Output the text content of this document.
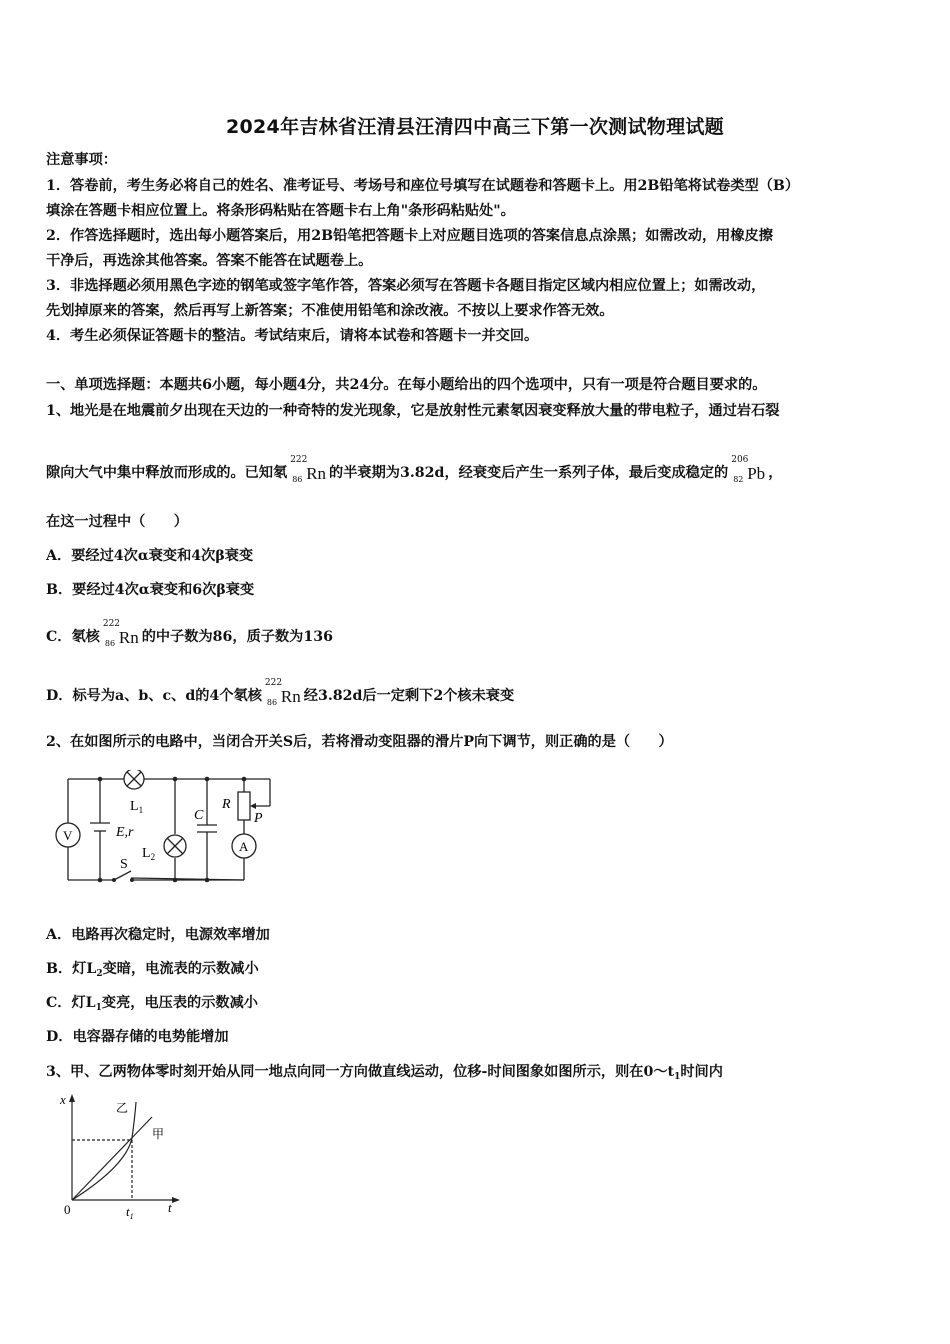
2024年吉林省汪清县汪清四中高三下第一次测试物理试题
注意事项：
1．答卷前，考生务必将自己的姓名、准考证号、考场号和座位号填写在试题卷和答题卡上。用2B铅笔将试卷类型（B）
填涂在答题卡相应位置上。将条形码粘贴在答题卡右上角"条形码粘贴处"。
2．作答选择题时，选出每小题答案后，用2B铅笔把答题卡上对应题目选项的答案信息点涂黑；如需改动，用橡皮擦
干净后，再选涂其他答案。答案不能答在试题卷上。
3．非选择题必须用黑色字迹的钢笔或签字笔作答，答案必须写在答题卡各题目指定区域内相应位置上；如需改动，
先划掉原来的答案，然后再写上新答案；不准使用铅笔和涂改液。不按以上要求作答无效。
4．考生必须保证答题卡的整洁。考试结束后，请将本试卷和答题卡一并交回。
一、单项选择题：本题共6小题，每小题4分，共24分。在每小题给出的四个选项中，只有一项是符合题目要求的。
1、地光是在地震前夕出现在天边的一种奇特的发光现象，它是放射性元素氡因衰变释放大量的带电粒子，通过岩石裂
隙向大气中集中释放而形成的。已知氡
222
86 Rn 的半衰期为3.82d，经衰变后产生一系列子体，最后变成稳定的
206
82 Pb ，
在这一过程中（　　）
A．要经过4次α衰变和4次β衰变
B．要经过4次α衰变和6次β衰变
C．氡核
222
86 Rn 的中子数为86，质子数为136
D．标号为a、b、c、d的4个氡核
222
86 Rn 经3.82d后一定剩下2个核未衰变
2、在如图所示的电路中，当闭合开关S后，若将滑动变阻器的滑片P向下调节，则正确的是（　　）
V
$L_1$
E,r
S
$L_2$
C
R
P
A
A．电路再次稳定时，电源效率增加
B．灯$L_2$变暗，电流表的示数减小
C．灯$L_1$变亮，电压表的示数减小
D．电容器存储的电势能增加
3、甲、乙两物体零时刻开始从同一地点向同一方向做直线运动，位移-时间图象如图所示，则在$0\sim t_1$时间内
x
t
0	$t_1$
乙
甲
